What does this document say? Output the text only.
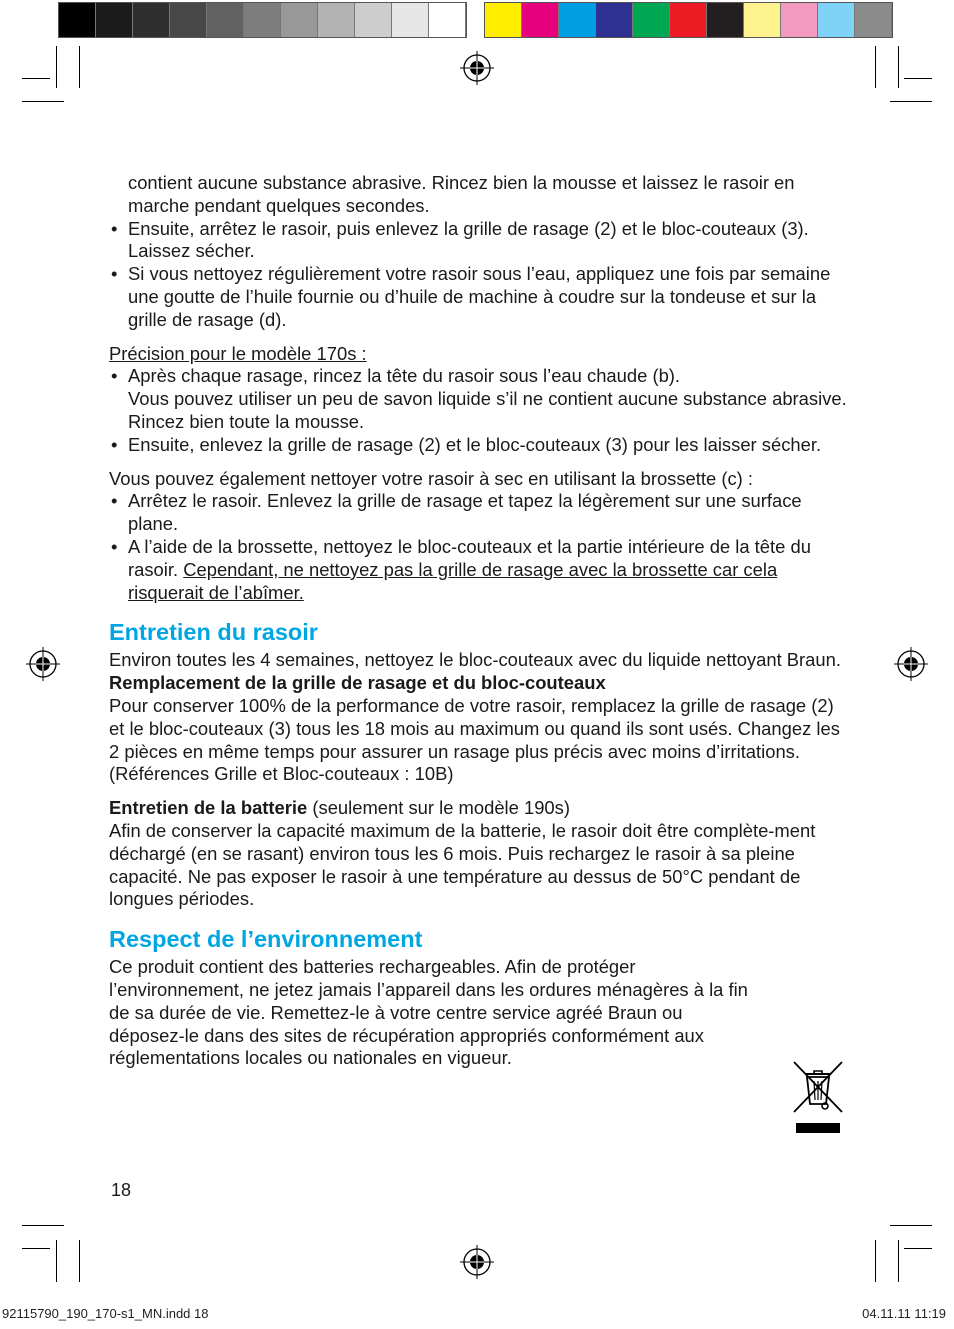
contient aucune substance abrasive. Rincez bien la mousse et laissez le rasoir en marche pendant quelques secondes.

• Ensuite, arrêtez le rasoir, puis enlevez la grille de rasage (2) et le bloc-couteaux (3). Laissez sécher.
• Si vous nettoyez régulièrement votre rasoir sous l’eau, appliquez une fois par semaine une goutte de l’huile fournie ou d’huile de machine à coudre sur la tondeuse et sur la grille de rasage (d).

Précision pour le modèle 170s :

• Après chaque rasage, rincez la tête du rasoir sous l’eau chaude (b).
Vous pouvez utiliser un peu de savon liquide s’il ne contient aucune substance abrasive. Rincez bien toute la mousse.
• Ensuite, enlevez la grille de rasage (2) et le bloc-couteaux (3) pour les laisser sécher.

Vous pouvez également nettoyer votre rasoir à sec en utilisant la brossette (c) :

• Arrêtez le rasoir. Enlevez la grille de rasage et tapez la légèrement sur une surface plane.
• A l’aide de la brossette, nettoyez le bloc-couteaux et la partie intérieure de la tête du rasoir. Cependant, ne nettoyez pas la grille de rasage avec la brossette car cela risquerait de l’abîmer.
Entretien du rasoir

Environ toutes les 4 semaines, nettoyez le bloc-couteaux avec du liquide nettoyant Braun.

Remplacement de la grille de rasage et du bloc-couteaux

Pour conserver 100% de la performance de votre rasoir, remplacez la grille de rasage (2) et le bloc-couteaux (3) tous les 18 mois au maximum ou quand ils sont usés. Changez les 2 pièces en même temps pour assurer un rasage plus précis avec moins d’irritations.

(Références Grille et Bloc-couteaux : 10B)

Entretien de la batterie (seulement sur le modèle 190s)

Afin de conserver la capacité maximum de la batterie, le rasoir doit être complète-ment déchargé (en se rasant) environ tous les 6 mois. Puis rechargez le rasoir à sa pleine capacité. Ne pas exposer le rasoir à une température au dessus de 50°C pendant de longues périodes.

Respect de l’environnement

Ce produit contient des batteries rechargeables. Afin de protéger l’environnement, ne jetez jamais l’appareil dans les ordures ménagères à la fin de sa durée de vie. Remettez-le à votre centre service agréé Braun ou déposez-le dans des sites de récupération appropriés conformément aux réglementations locales ou nationales en vigueur.

18
92115790_190_170-s1_MN.indd 18	04.11.11 11:19
